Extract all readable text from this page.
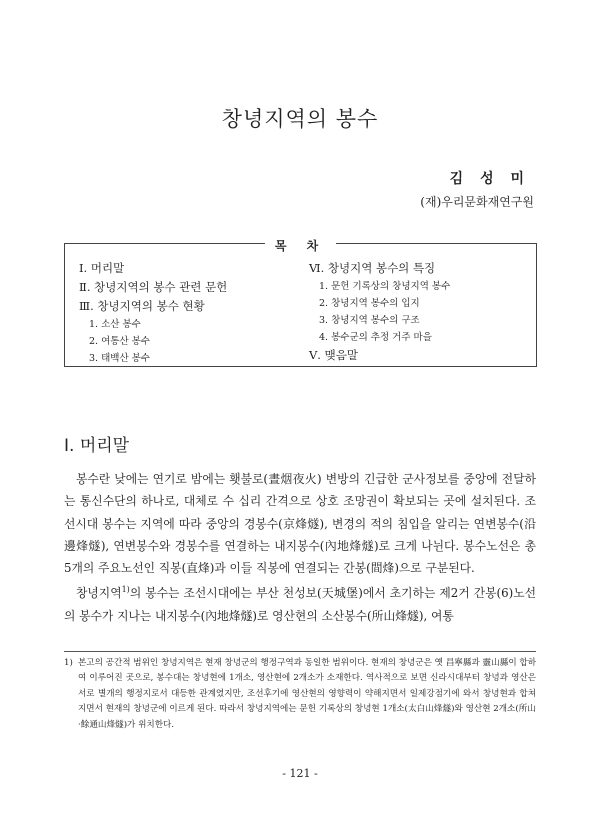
창녕지역의 봉수
김 성 미
(재)우리문화재연구원
목 차
Ⅰ. 머리말
Ⅱ. 창녕지역의 봉수 관련 문헌
Ⅲ. 창녕지역의 봉수 현황
1. 소산 봉수
2. 여통산 봉수
3. 태백산 봉수
Ⅵ. 창녕지역 봉수의 특징
1. 문헌 기록상의 창녕지역 봉수
2. 창녕지역 봉수의 입지
3. 창녕지역 봉수의 구조
4. 봉수군의 추정 거주 마을
Ⅴ. 맺음말
Ⅰ. 머리말

봉수란 낮에는 연기로 밤에는 횃불로(晝烟夜火) 변방의 긴급한 군사정보를 중앙에 전달하는 통신수단의 하나로, 대체로 수 십리 간격으로 상호 조망권이 확보되는 곳에 설치된다. 조선시대 봉수는 지역에 따라 중앙의 경봉수(京烽燧), 변경의 적의 침입을 알리는 연변봉수(沿邊烽燧), 연변봉수와 경봉수를 연결하는 내지봉수(內地烽燧)로 크게 나뉜다. 봉수노선은 총 5개의 주요노선인 직봉(直烽)과 이들 직봉에 연결되는 간봉(間烽)으로 구분된다.

창녕지역$^{1)}$의 봉수는 조선시대에는 부산 천성보(天城堡)에서 초기하는 제2거 간봉(6)노선의 봉수가 지나는 내지봉수(內地烽燧)로 영산현의 소산봉수(所山烽燧), 여통

1) 본고의 공간적 범위인 창녕지역은 현재 창녕군의 행정구역과 동일한 범위이다. 현재의 창녕군은 옛 昌寧縣과 靈山縣이 합하여 이루어진 곳으로, 봉수대는 창녕현에 1개소, 영산현에 2개소가 소재한다. 역사적으로 보면 신라시대부터 창녕과 영산은 서로 별개의 행정지로서 대등한 관계였지만, 조선후기에 영산현의 영향력이 약해지면서 일제강점기에 와서 창녕현과 합쳐지면서 현재의 창녕군에 이르게 된다. 따라서 창녕지역에는 문헌 기록상의 창녕현 1개소(太白山烽燧)와 영산현 2개소(所山·餘通山烽燧)가 위치한다.
- 121 -
